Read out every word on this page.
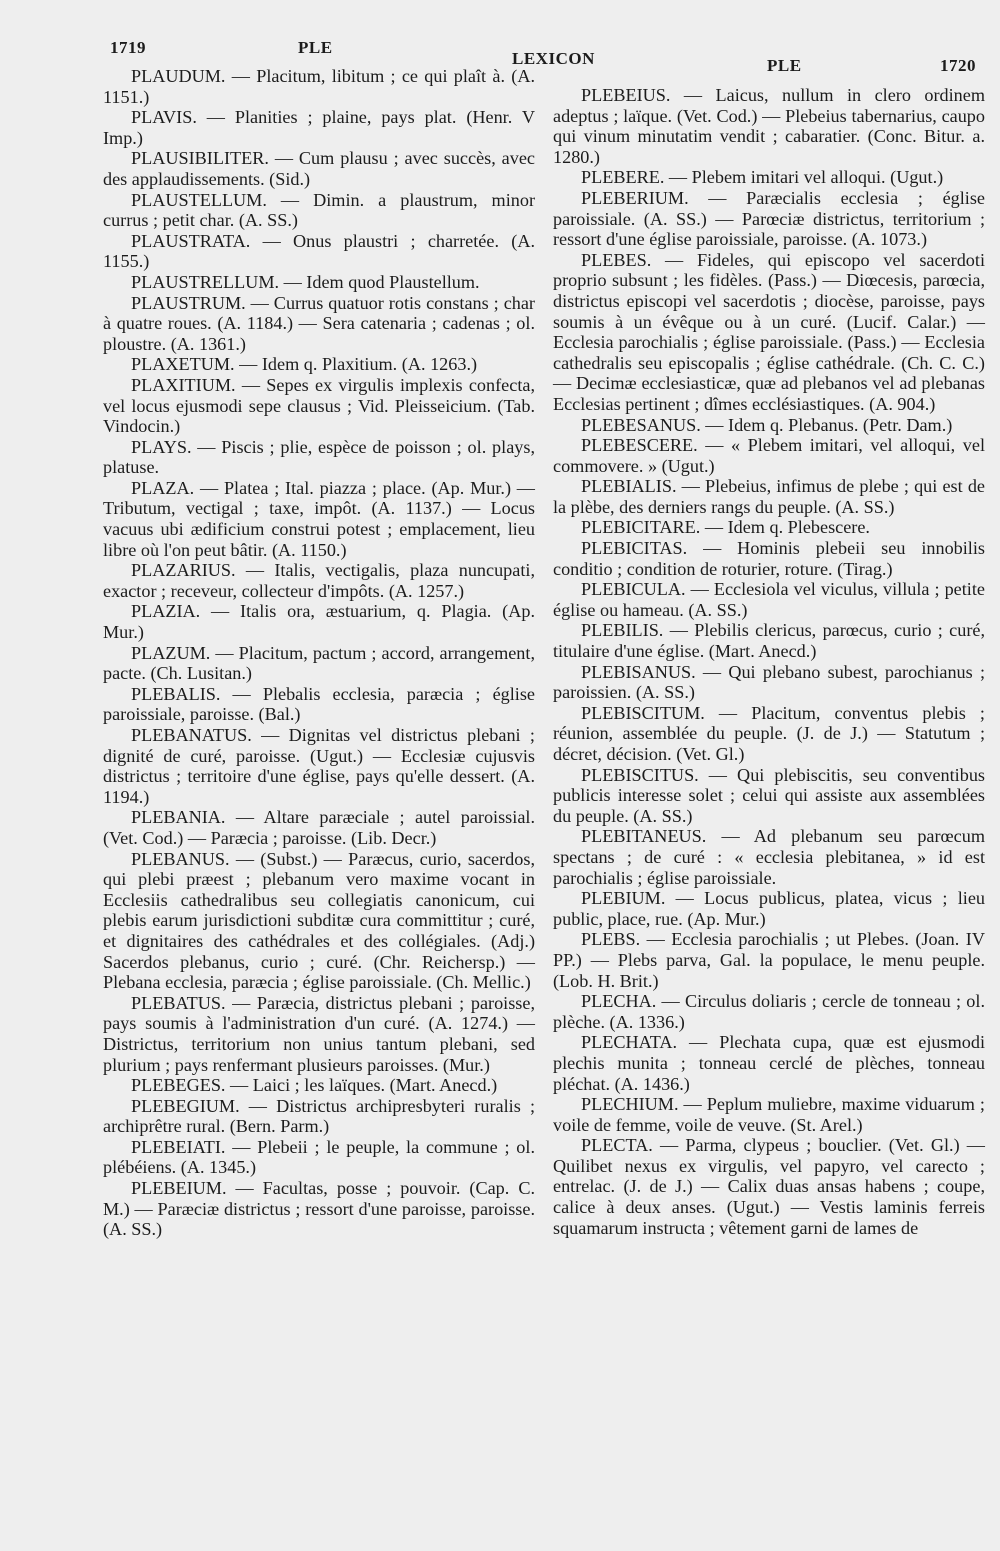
1719	PLE
LEXICON	PLE	1720

PLAUDUM. — Placitum, libitum ; ce qui plaît à. (A. 1151.)

PLAVIS. — Planities ; plaine, pays plat. (Henr. V Imp.)

PLAUSIBILITER. — Cum plausu ; avec succès, avec des applaudissements. (Sid.)

PLAUSTELLUM. — Dimin. a plaustrum, minor currus ; petit char. (A. SS.)

PLAUSTRATA. — Onus plaustri ; charretée. (A. 1155.)

PLAUSTRELLUM. — Idem quod Plaustellum.

PLAUSTRUM. — Currus quatuor rotis constans ; char à quatre roues. (A. 1184.) — Sera catenaria ; cadenas ; ol. ploustre. (A. 1361.)

PLAXETUM. — Idem q. Plaxitium. (A. 1263.)

PLAXITIUM. — Sepes ex virgulis implexis confecta, vel locus ejusmodi sepe clausus ; Vid. Pleisseicium. (Tab. Vindocin.)

PLAYS. — Piscis ; plie, espèce de poisson ; ol. plays, platuse.

PLAZA. — Platea ; Ital. piazza ; place. (Ap. Mur.) — Tributum, vectigal ; taxe, impôt. (A. 1137.) — Locus vacuus ubi ædificium construi potest ; emplacement, lieu libre où l'on peut bâtir. (A. 1150.)

PLAZARIUS. — Italis, vectigalis, plaza nuncupati, exactor ; receveur, collecteur d'impôts. (A. 1257.)

PLAZIA. — Italis ora, æstuarium, q. Plagia. (Ap. Mur.)

PLAZUM. — Placitum, pactum ; accord, arrangement, pacte. (Ch. Lusitan.)

PLEBALIS. — Plebalis ecclesia, paræcia ; église paroissiale, paroisse. (Bal.)

PLEBANATUS. — Dignitas vel districtus plebani ; dignité de curé, paroisse. (Ugut.) — Ecclesiæ cujusvis districtus ; territoire d'une église, pays qu'elle dessert. (A. 1194.)

PLEBANIA. — Altare paræciale ; autel paroissial. (Vet. Cod.) — Paræcia ; paroisse. (Lib. Decr.)

PLEBANUS. — (Subst.) — Paræcus, curio, sacerdos, qui plebi præest ; plebanum vero maxime vocant in Ecclesiis cathedralibus seu collegiatis canonicum, cui plebis earum jurisdictioni subditæ cura committitur ; curé, et dignitaires des cathédrales et des collégiales. (Adj.) Sacerdos plebanus, curio ; curé. (Chr. Reichersp.) — Plebana ecclesia, paræcia ; église paroissiale. (Ch. Mellic.)

PLEBATUS. — Paræcia, districtus plebani ; paroisse, pays soumis à l'administration d'un curé. (A. 1274.) — Districtus, territorium non unius tantum plebani, sed plurium ; pays renfermant plusieurs paroisses. (Mur.)

PLEBEGES. — Laici ; les laïques. (Mart. Anecd.)

PLEBEGIUM. — Districtus archipresbyteri ruralis ; archiprêtre rural. (Bern. Parm.)

PLEBEIATI. — Plebeii ; le peuple, la commune ; ol. plébéiens. (A. 1345.)

PLEBEIUM. — Facultas, posse ; pouvoir. (Cap. C. M.) — Paræciæ districtus ; ressort d'une paroisse, paroisse. (A. SS.)

PLEBEIUS. — Laicus, nullum in clero ordinem adeptus ; laïque. (Vet. Cod.) — Plebeius tabernarius, caupo qui vinum minutatim vendit ; cabaratier. (Conc. Bitur. a. 1280.)

PLEBERE. — Plebem imitari vel alloqui. (Ugut.)

PLEBERIUM. — Paræcialis ecclesia ; église paroissiale. (A. SS.) — Parœciæ districtus, territorium ; ressort d'une église paroissiale, paroisse. (A. 1073.)

PLEBES. — Fideles, qui episcopo vel sacerdoti proprio subsunt ; les fidèles. (Pass.) — Diœcesis, parœcia, districtus episcopi vel sacerdotis ; diocèse, paroisse, pays soumis à un évêque ou à un curé. (Lucif. Calar.) — Ecclesia parochialis ; église paroissiale. (Pass.) — Ecclesia cathedralis seu episcopalis ; église cathédrale. (Ch. C. C.) — Decimæ ecclesiasticæ, quæ ad plebanos vel ad plebanas Ecclesias pertinent ; dîmes ecclésiastiques. (A. 904.)

PLEBESANUS. — Idem q. Plebanus. (Petr. Dam.)

PLEBESCERE. — « Plebem imitari, vel alloqui, vel commovere. » (Ugut.)

PLEBIALIS. — Plebeius, infimus de plebe ; qui est de la plèbe, des derniers rangs du peuple. (A. SS.)

PLEBICITARE. — Idem q. Plebescere.

PLEBICITAS. — Hominis plebeii seu innobilis conditio ; condition de roturier, roture. (Tirag.)

PLEBICULA. — Ecclesiola vel viculus, villula ; petite église ou hameau. (A. SS.)

PLEBILIS. — Plebilis clericus, parœcus, curio ; curé, titulaire d'une église. (Mart. Anecd.)

PLEBISANUS. — Qui plebano subest, parochianus ; paroissien. (A. SS.)

PLEBISCITUM. — Placitum, conventus plebis ; réunion, assemblée du peuple. (J. de J.) — Statutum ; décret, décision. (Vet. Gl.)

PLEBISCITUS. — Qui plebiscitis, seu conventibus publicis interesse solet ; celui qui assiste aux assemblées du peuple. (A. SS.)

PLEBITANEUS. — Ad plebanum seu parœcum spectans ; de curé : « ecclesia plebitanea, » id est parochialis ; église paroissiale.

PLEBIUM. — Locus publicus, platea, vicus ; lieu public, place, rue. (Ap. Mur.)

PLEBS. — Ecclesia parochialis ; ut Plebes. (Joan. IV PP.) — Plebs parva, Gal. la populace, le menu peuple. (Lob. H. Brit.)

PLECHA. — Circulus doliaris ; cercle de tonneau ; ol. plèche. (A. 1336.)

PLECHATA. — Plechata cupa, quæ est ejusmodi plechis munita ; tonneau cerclé de plèches, tonneau pléchat. (A. 1436.)

PLECHIUM. — Peplum muliebre, maxime viduarum ; voile de femme, voile de veuve. (St. Arel.)

PLECTA. — Parma, clypeus ; bouclier. (Vet. Gl.) — Quilibet nexus ex virgulis, vel papyro, vel carecto ; entrelac. (J. de J.) — Calix duas ansas habens ; coupe, calice à deux anses. (Ugut.) — Vestis laminis ferreis squamarum instructa ; vêtement garni de lames de
